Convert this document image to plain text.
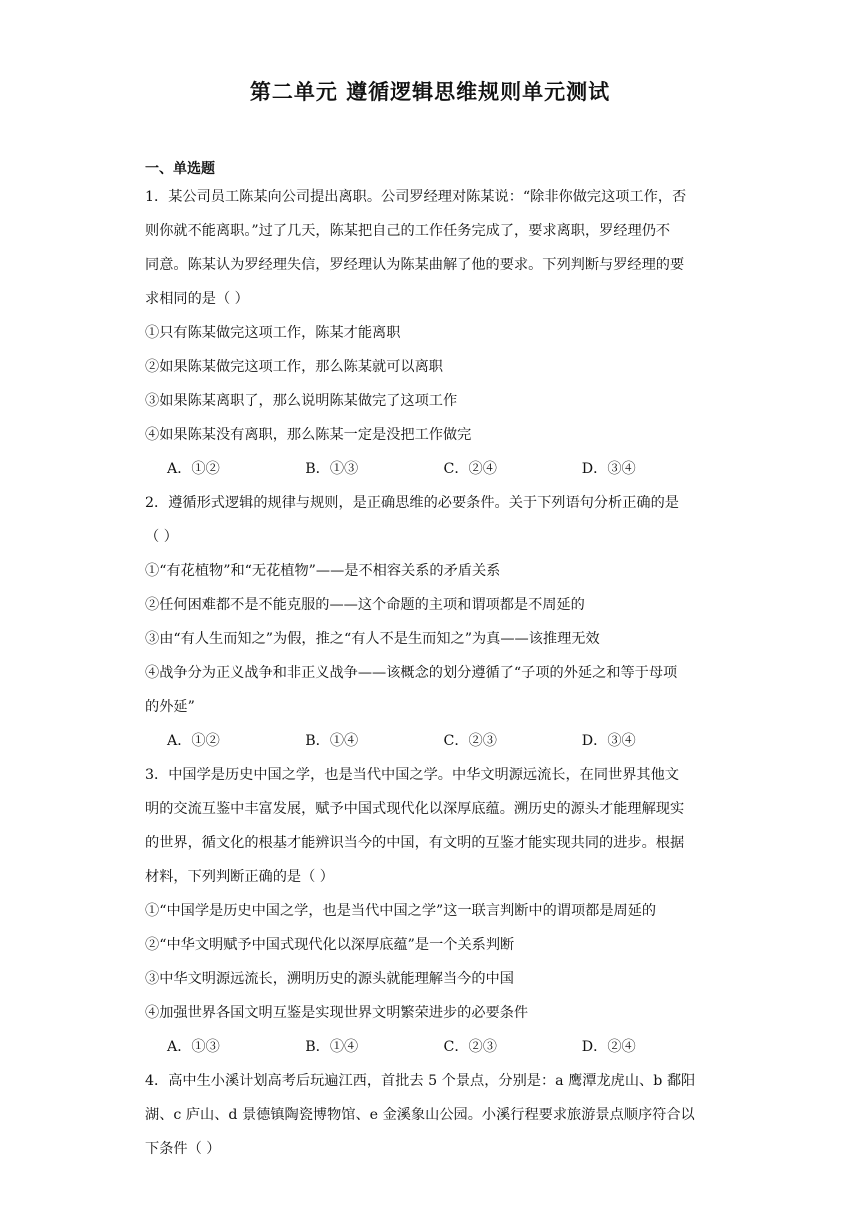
第二单元 遵循逻辑思维规则单元测试
一、单选题
1．某公司员工陈某向公司提出离职。公司罗经理对陈某说：“除非你做完这项工作，否
则你就不能离职。”过了几天，陈某把自己的工作任务完成了，要求离职，罗经理仍不
同意。陈某认为罗经理失信，罗经理认为陈某曲解了他的要求。下列判断与罗经理的要
求相同的是（ ）
①只有陈某做完这项工作，陈某才能离职
②如果陈某做完这项工作，那么陈某就可以离职
③如果陈某离职了，那么说明陈某做完了这项工作
④如果陈某没有离职，那么陈某一定是没把工作做完
A．①②	B．①③	C．②④	D．③④
2．遵循形式逻辑的规律与规则，是正确思维的必要条件。关于下列语句分析正确的是
（ ）
①“有花植物”和“无花植物”——是不相容关系的矛盾关系
②任何困难都不是不能克服的——这个命题的主项和谓项都是不周延的
③由“有人生而知之”为假，推之“有人不是生而知之”为真——该推理无效
④战争分为正义战争和非正义战争——该概念的划分遵循了“子项的外延之和等于母项
的外延”
A．①②	B．①④	C．②③	D．③④
3．中国学是历史中国之学，也是当代中国之学。中华文明源远流长，在同世界其他文
明的交流互鉴中丰富发展，赋予中国式现代化以深厚底蕴。溯历史的源头才能理解现实
的世界，循文化的根基才能辨识当今的中国，有文明的互鉴才能实现共同的进步。根据
材料，下列判断正确的是（ ）
①“中国学是历史中国之学，也是当代中国之学”这一联言判断中的谓项都是周延的
②“中华文明赋予中国式现代化以深厚底蕴”是一个关系判断
③中华文明源远流长，溯明历史的源头就能理解当今的中国
④加强世界各国文明互鉴是实现世界文明繁荣进步的必要条件
A．①③	B．①④	C．②③	D．②④
4．高中生小溪计划高考后玩遍江西，首批去 5 个景点，分别是：a 鹰潭龙虎山、b 鄱阳
湖、c 庐山、d 景德镇陶瓷博物馆、e 金溪象山公园。小溪行程要求旅游景点顺序符合以
下条件（ ）
